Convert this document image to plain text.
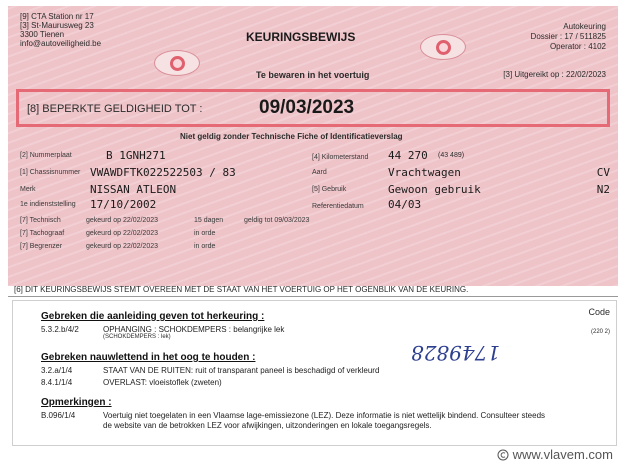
[9] CTA Station nr 17
[3] St-Maurusweg 23
3300 Tienen
info@autoveiligheid.be	KEURINGSBEWIJS
Te bewaren in het voertuig
Autokeuring
Dossier : 17 / 511825
Operator : 4102
[3] Uitgereikt op : 22/02/2023
[8] BEPERKTE GELDIGHEID TOT :	09/03/2023
Niet geldig zonder Technische Fiche of Identificatieverslag
[2] Nummerplaat	B 1GNH271
[1] Chassisnummer VWAWDFTK022522503 / 83
Merk	NISSAN ATLEON
1e indienststelling 17/10/2002
[4] Kilometerstand 44 270 (43 489)
Aard	Vrachtwagen	CV
[5] Gebruik	Gewoon gebruik	N2
Referentiedatum 04/03
[7] Technisch	gekeurd op 22/02/2023	15 dagen	geldig tot 09/03/2023
[7] Tachograaf	gekeurd op 22/02/2023	in orde
[7] Begrenzer	gekeurd op 22/02/2023	in orde
[6] DIT KEURINGSBEWIJS STEMT OVEREEN MET DE STAAT VAN HET VOERTUIG OP HET OGENBLIK VAN DE KEURING.
Code
Gebreken die aanleiding geven tot herkeuring :
5.3.2.b/4/2	OPHANGING : SCHOKDEMPERS : belangrijke lek
(SCHOKDEMPERS : lek)
(220 2)
Gebreken nauwlettend in het oog te houden :
3.2.a/1/4	STAAT VAN DE RUITEN: ruit of transparant paneel is beschadigd of verkleurd
8.4.1/1/4	OVERLAST: vloeistoflek (zweten)
Opmerkingen :
B.096/1/4	Voertuig niet toegelaten in een Vlaamse lage-emissiezone (LEZ). Deze informatie is niet wettelijk bindend. Consulteer steeds
de website van de betrokken LEZ voor afwijkingen, uitzonderingen en lokale toegangsregels.
1749828
www.vlavem.com
